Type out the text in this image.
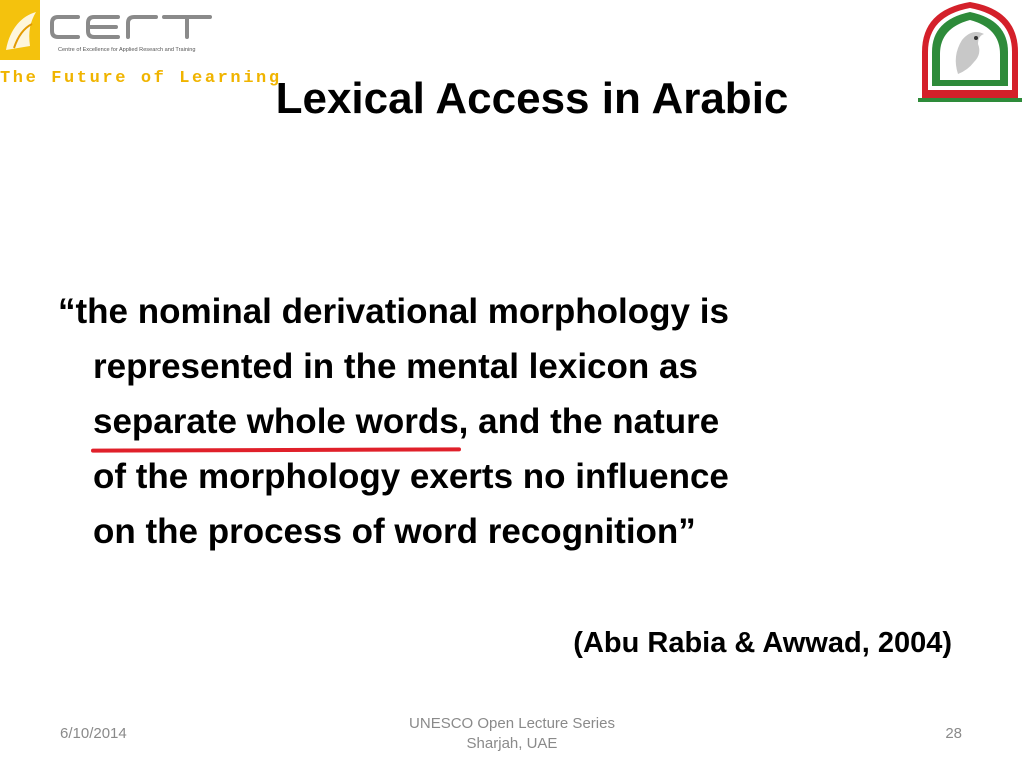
Centre of Excellence for Applied Research and Training
The Future of Learning
Lexical Access in Arabic
“the nominal derivational morphology is
represented in the mental lexicon as
separate whole words
, and the nature
of the morphology exerts no influence
on the process of word recognition”
(Abu Rabia & Awwad, 2004)
6/10/2014
UNESCO Open Lecture Series
Sharjah, UAE
28
